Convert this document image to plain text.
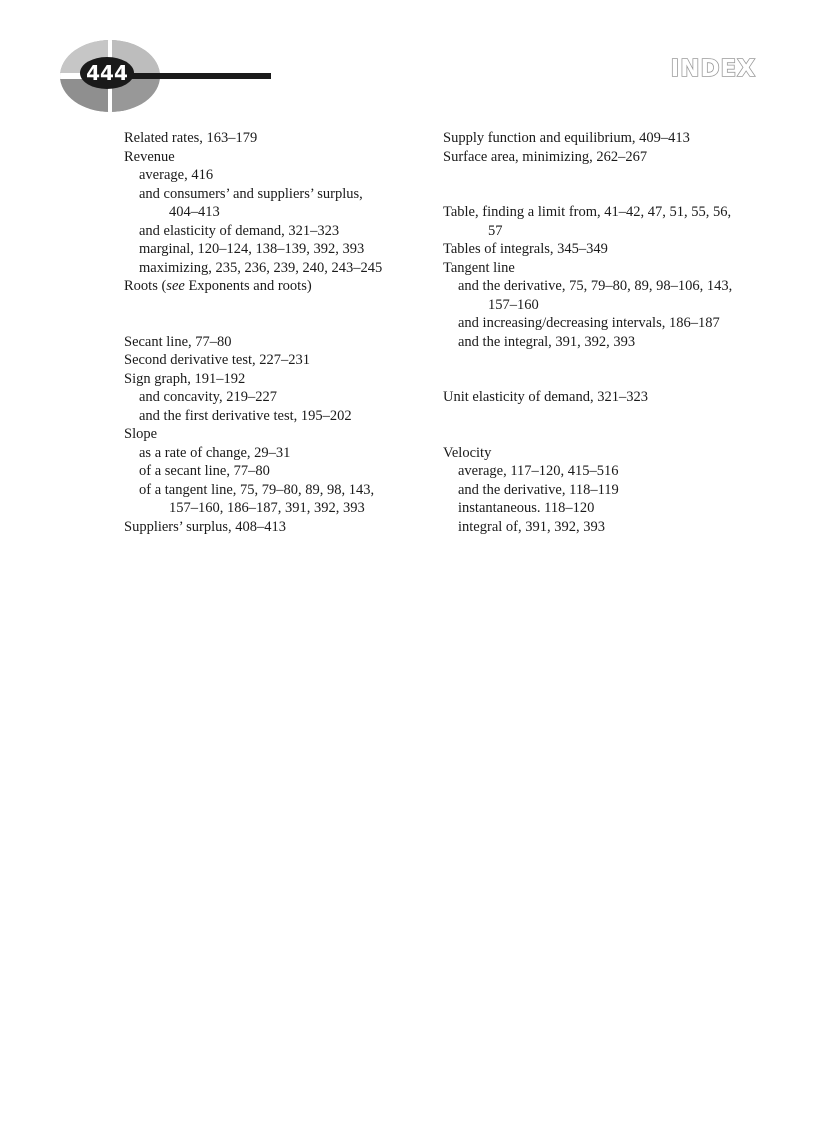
444	INDEX
Related rates, 163–179
Revenue
average, 416
and consumers’ and suppliers’ surplus,
404–413
and elasticity of demand, 321–323
marginal, 120–124, 138–139, 392, 393
maximizing, 235, 236, 239, 240, 243–245
Roots (see Exponents and roots)
Secant line, 77–80
Second derivative test, 227–231
Sign graph, 191–192
and concavity, 219–227
and the first derivative test, 195–202
Slope
as a rate of change, 29–31
of a secant line, 77–80
of a tangent line, 75, 79–80, 89, 98, 143,
157–160, 186–187, 391, 392, 393
Suppliers’ surplus, 408–413
Supply function and equilibrium, 409–413
Surface area, minimizing, 262–267
Table, finding a limit from, 41–42, 47, 51, 55, 56,
57
Tables of integrals, 345–349
Tangent line
and the derivative, 75, 79–80, 89, 98–106, 143,
157–160
and increasing/decreasing intervals, 186–187
and the integral, 391, 392, 393
Unit elasticity of demand, 321–323
Velocity
average, 117–120, 415–516
and the derivative, 118–119
instantaneous. 118–120
integral of, 391, 392, 393
